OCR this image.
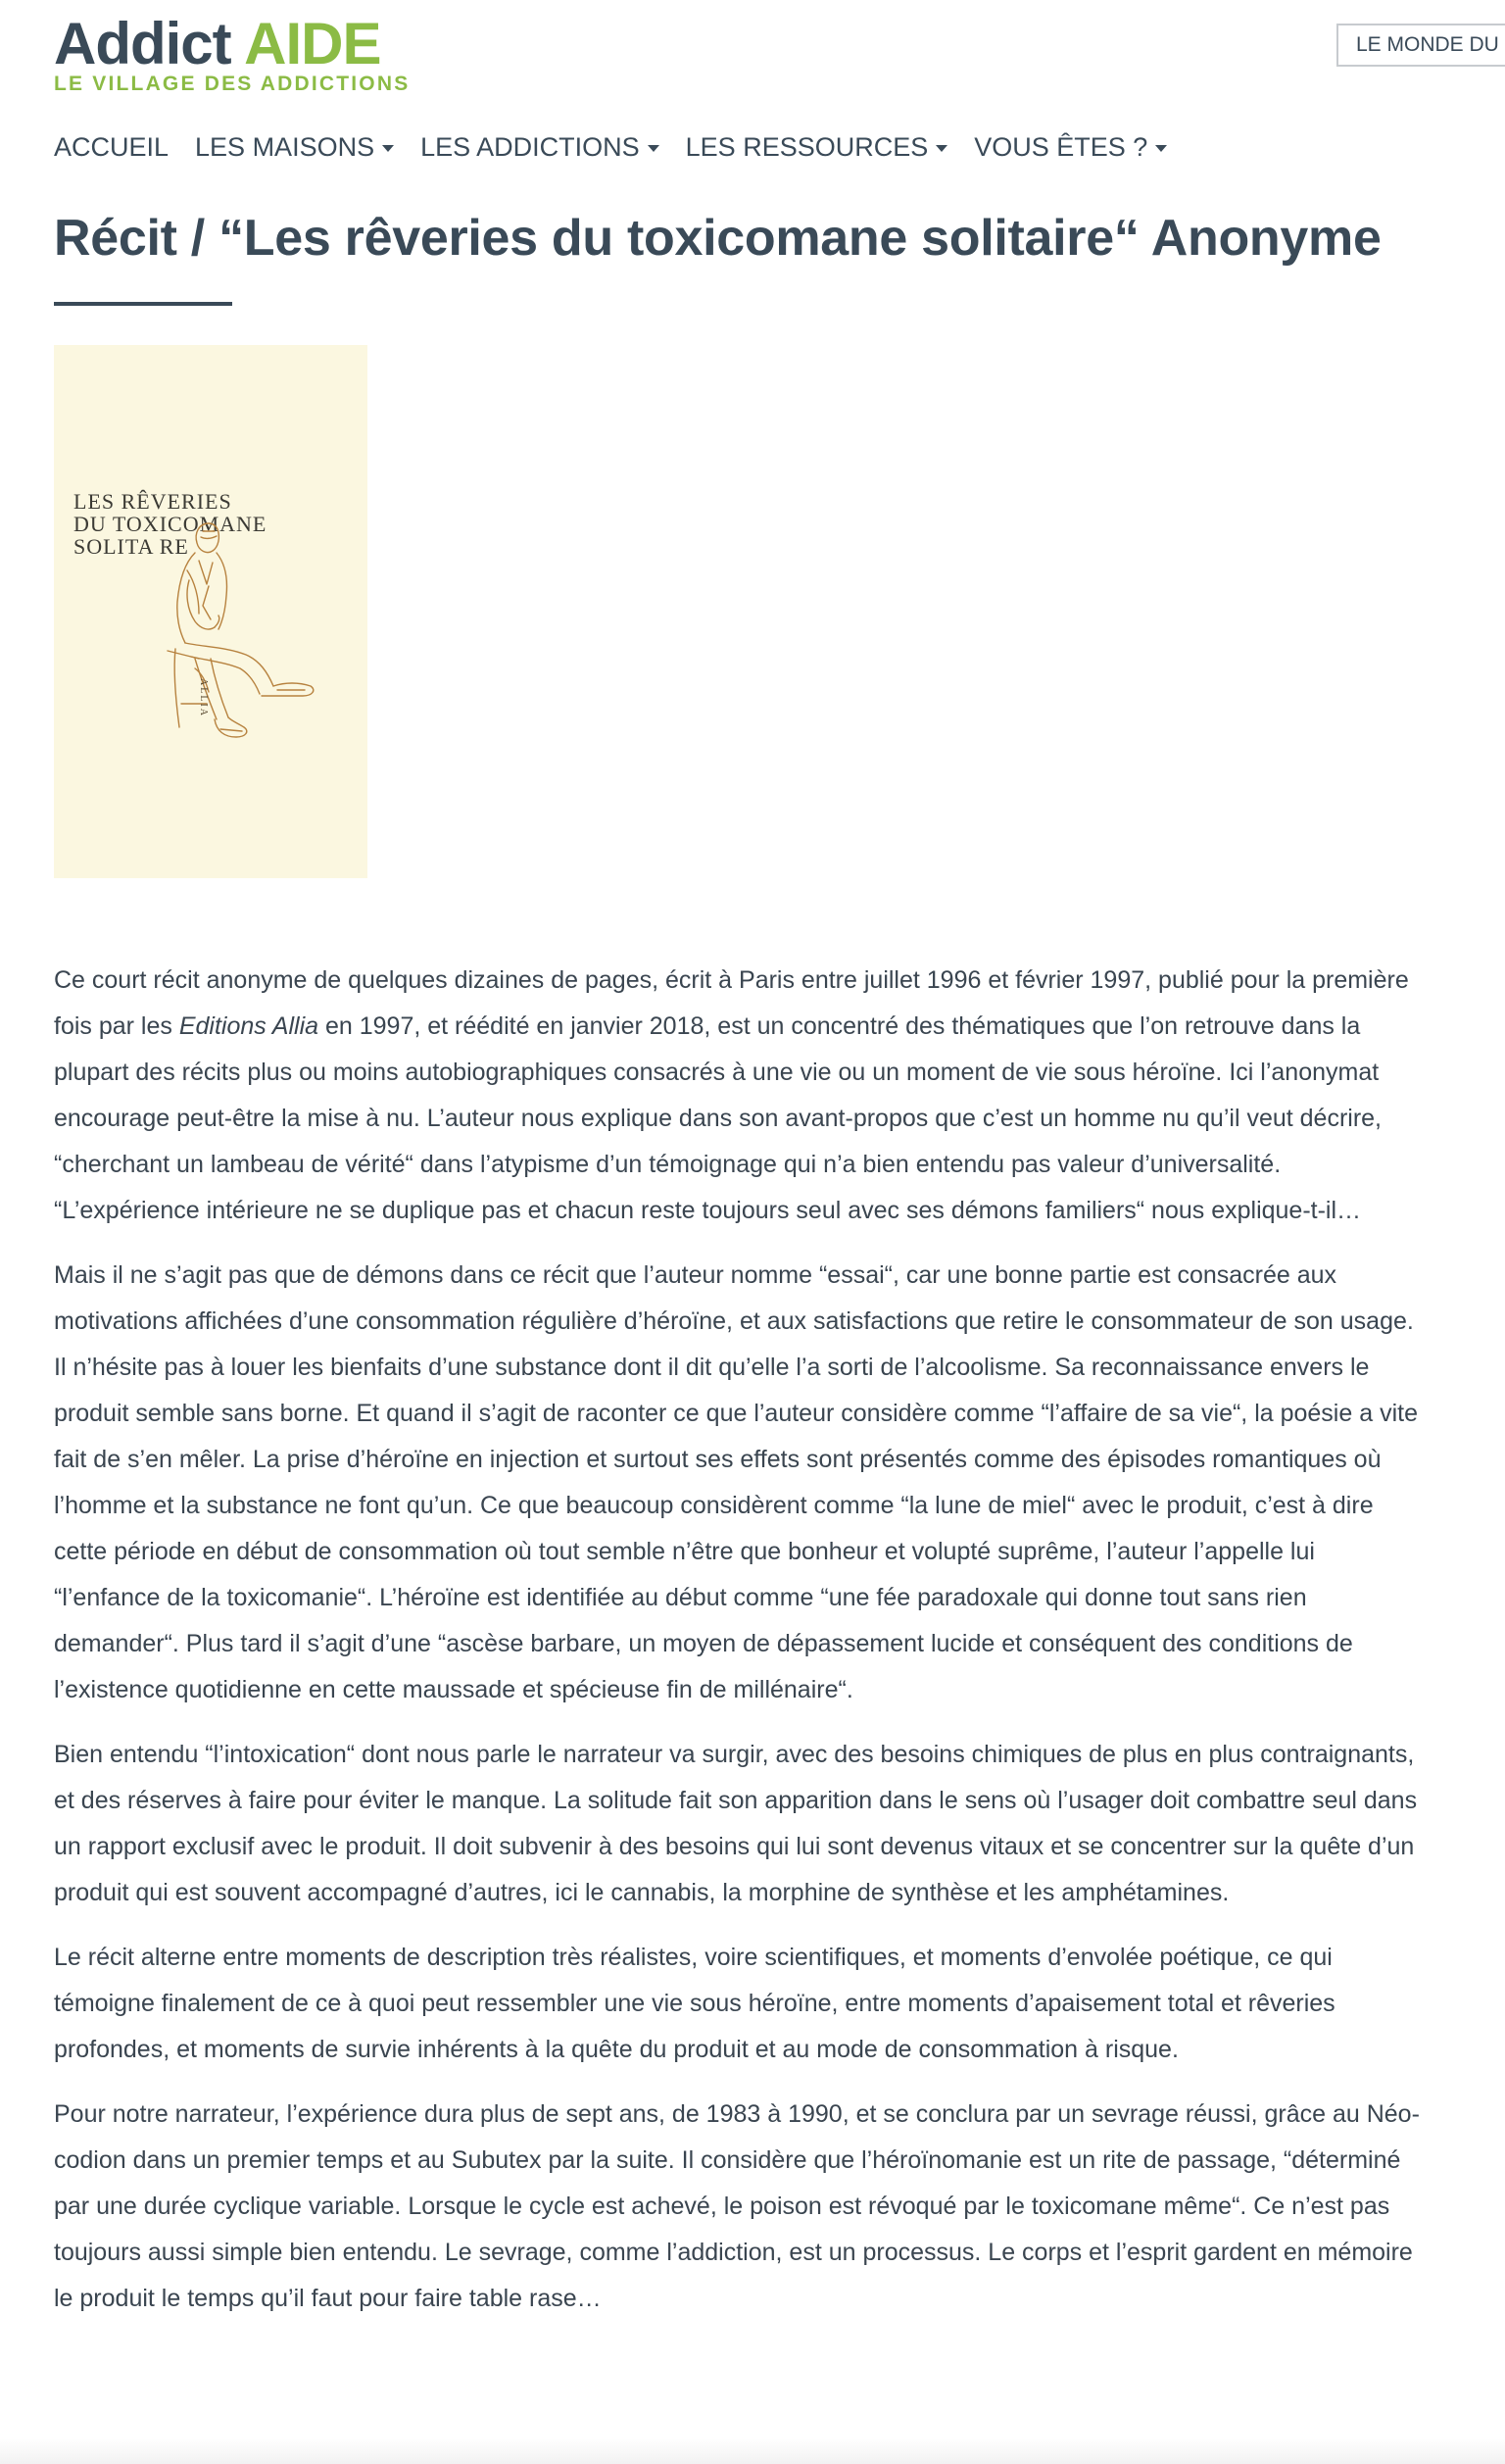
Addict AIDE
LE VILLAGE DES ADDICTIONS
LE MONDE DU
ACCUEIL LES MAISONS LES ADDICTIONS LES RESSOURCES VOUS ÊTES ?
Récit / “Les rêveries du toxicomane solitaire“ Anonyme
LES RÊVERIES
DU TOXICOMANE
SOLITA RE
ALLIA

Ce court récit anonyme de quelques dizaines de pages, écrit à Paris entre juillet 1996 et février 1997, publié pour la première fois par les Editions Allia en 1997, et réédité en janvier 2018, est un concentré des thématiques que l’on retrouve dans la plupart des récits plus ou moins autobiographiques consacrés à une vie ou un moment de vie sous héroïne. Ici l’anonymat encourage peut-être la mise à nu. L’auteur nous explique dans son avant-propos que c’est un homme nu qu’il veut décrire, “cherchant un lambeau de vérité“ dans l’atypisme d’un témoignage qui n’a bien entendu pas valeur d’universalité. “L’expérience intérieure ne se duplique pas et chacun reste toujours seul avec ses démons familiers“ nous explique-t-il…

Mais il ne s’agit pas que de démons dans ce récit que l’auteur nomme “essai“, car une bonne partie est consacrée aux motivations affichées d’une consommation régulière d’héroïne, et aux satisfactions que retire le consommateur de son usage. Il n’hésite pas à louer les bienfaits d’une substance dont il dit qu’elle l’a sorti de l’alcoolisme. Sa reconnaissance envers le produit semble sans borne. Et quand il s’agit de raconter ce que l’auteur considère comme “l’affaire de sa vie“, la poésie a vite fait de s’en mêler. La prise d’héroïne en injection et surtout ses effets sont présentés comme des épisodes romantiques où l’homme et la substance ne font qu’un. Ce que beaucoup considèrent comme “la lune de miel“ avec le produit, c’est à dire cette période en début de consommation où tout semble n’être que bonheur et volupté suprême, l’auteur l’appelle lui “l’enfance de la toxicomanie“. L’héroïne est identifiée au début comme “une fée paradoxale qui donne tout sans rien demander“. Plus tard il s’agit d’une “ascèse barbare, un moyen de dépassement lucide et conséquent des conditions de l’existence quotidienne en cette maussade et spécieuse fin de millénaire“.

Bien entendu “l’intoxication“ dont nous parle le narrateur va surgir, avec des besoins chimiques de plus en plus contraignants, et des réserves à faire pour éviter le manque. La solitude fait son apparition dans le sens où l’usager doit combattre seul dans un rapport exclusif avec le produit. Il doit subvenir à des besoins qui lui sont devenus vitaux et se concentrer sur la quête d’un produit qui est souvent accompagné d’autres, ici le cannabis, la morphine de synthèse et les amphétamines.

Le récit alterne entre moments de description très réalistes, voire scientifiques, et moments d’envolée poétique, ce qui témoigne finalement de ce à quoi peut ressembler une vie sous héroïne, entre moments d’apaisement total et rêveries profondes, et moments de survie inhérents à la quête du produit et au mode de consommation à risque.

Pour notre narrateur, l’expérience dura plus de sept ans, de 1983 à 1990, et se conclura par un sevrage réussi, grâce au Néo-codion dans un premier temps et au Subutex par la suite. Il considère que l’héroïnomanie est un rite de passage, “déterminé par une durée cyclique variable. Lorsque le cycle est achevé, le poison est révoqué par le toxicomane même“. Ce n’est pas toujours aussi simple bien entendu. Le sevrage, comme l’addiction, est un processus. Le corps et l’esprit gardent en mémoire le produit le temps qu’il faut pour faire table rase…
